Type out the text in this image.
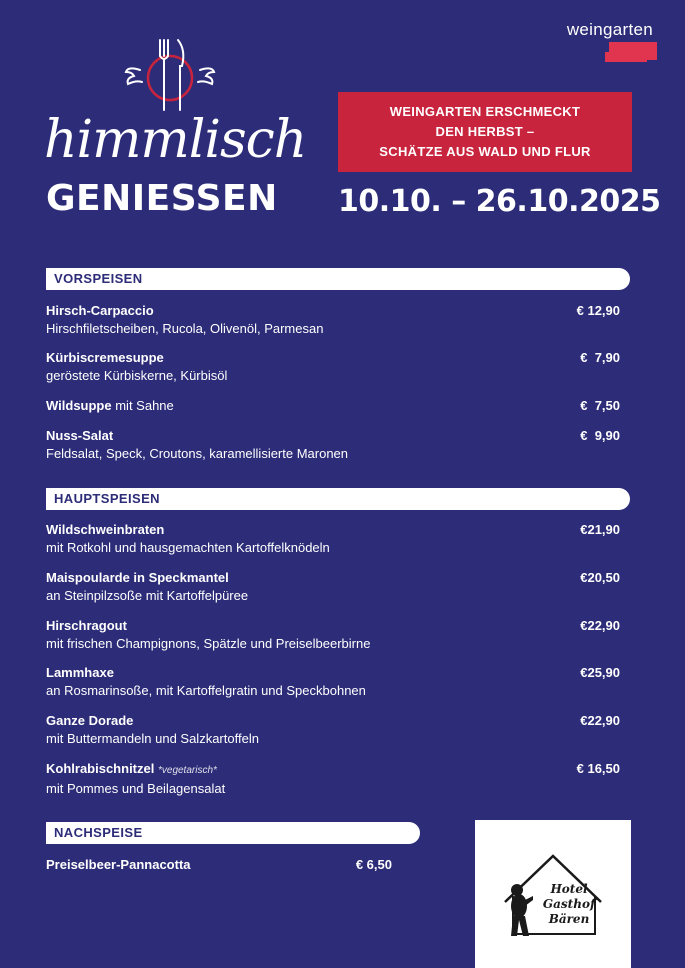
weingarten
himmlisch
GENIESSEN
WEINGARTEN ERSCHMECKT
DEN HERBST –
SCHÄTZE AUS WALD UND FLUR
10.10. – 26.10.2025
VORSPEISEN
Hirsch-Carpaccio
Hirschfiletscheiben, Rucola, Olivenöl, Parmesan
€ 12,90
Kürbiscremesuppe
geröstete Kürbiskerne, Kürbisöl
€  7,90
Wildsuppe mit Sahne	€  7,50
Nuss-Salat
Feldsalat, Speck, Croutons, karamellisierte Maronen
€  9,90
HAUPTSPEISEN
Wildschweinbraten
mit Rotkohl und hausgemachten Kartoffelknödeln
€21,90
Maispoularde in Speckmantel
an Steinpilzsoße mit Kartoffelpüree
€20,50
Hirschragout
mit frischen Champignons, Spätzle und Preiselbeerbirne
€22,90
Lammhaxe
an Rosmarinsoße, mit Kartoffelgratin und Speckbohnen
€25,90
Ganze Dorade
mit Buttermandeln und Salzkartoffeln
€22,90
Kohlrabischnitzel *vegetarisch*
mit Pommes und Beilagensalat
€ 16,50
NACHSPEISE
Preiselbeer-Pannacotta	€ 6,50
Hotel
Gasthof
Bären
